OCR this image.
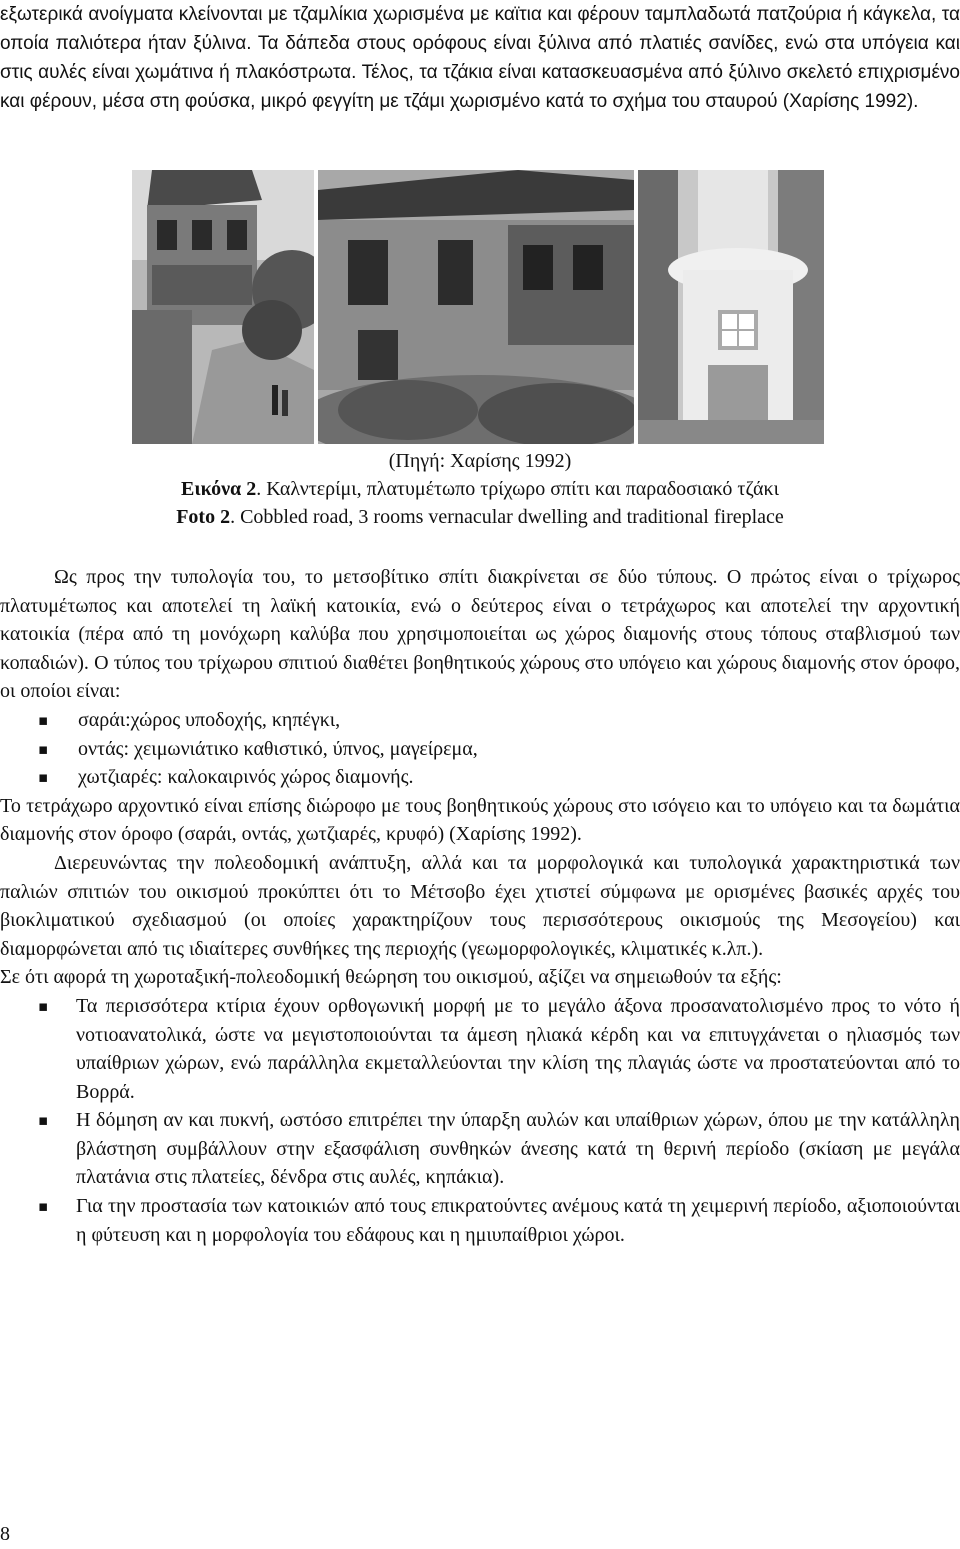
εξωτερικά ανοίγματα κλείνονται με τζαμλίκια χωρισμένα με καϊτια και φέρουν ταμπλαδωτά πατζούρια ή κάγκελα, τα οποία παλιότερα ήταν ξύλινα. Τα δάπεδα στους ορόφους είναι ξύλινα από πλατιές σανίδες, ενώ στα υπόγεια και στις αυλές είναι χωμάτινα ή πλακόστρωτα. Τέλος, τα τζάκια είναι κατασκευασμένα από ξύλινο σκελετό επιχρισμένο και φέρουν, μέσα στη φούσκα, μικρό φεγγίτη με τζάμι χωρισμένο κατά το σχήμα του σταυρού (Χαρίσης 1992).

(Πηγή: Χαρίσης 1992)
Εικόνα 2. Καλντερίμι, πλατυμέτωπο τρίχωρο σπίτι και παραδοσιακό τζάκι
Foto 2. Cobbled road, 3 rooms vernacular dwelling and traditional fireplace

Ως προς την τυπολογία του, το μετσοβίτικο σπίτι διακρίνεται σε δύο τύπους. Ο πρώτος είναι ο τρίχωρος πλατυμέτωπος και αποτελεί τη λαϊκή κατοικία, ενώ ο δεύτερος είναι ο τετράχωρος και αποτελεί την αρχοντική κατοικία (πέρα από τη μονόχωρη καλύβα που χρησιμοποιείται ως χώρος διαμονής στους τόπους σταβλισμού των κοπαδιών). Ο τύπος του τρίχωρου σπιτιού διαθέτει βοηθητικούς χώρους στο υπόγειο και χώρους διαμονής στον όροφο, οι οποίοι είναι:

▪ σαράι:χώρος υποδοχής, κηπέγκι,
▪ οντάς: χειμωνιάτικο καθιστικό, ύπνος, μαγείρεμα,
▪ χωτζιαρές: καλοκαιρινός χώρος διαμονής.

Το τετράχωρο αρχοντικό είναι επίσης διώροφο με τους βοηθητικούς χώρους στο ισόγειο και το υπόγειο και τα δωμάτια διαμονής στον όροφο (σαράι, οντάς, χωτζιαρές, κρυφό) (Χαρίσης 1992).

Διερευνώντας την πολεοδομική ανάπτυξη, αλλά και τα μορφολογικά και τυπολογικά χαρακτηριστικά των παλιών σπιτιών του οικισμού προκύπτει ότι το Μέτσοβο έχει χτιστεί σύμφωνα με ορισμένες βασικές αρχές του βιοκλιματικού σχεδιασμού (οι οποίες χαρακτηρίζουν τους περισσότερους οικισμούς της Μεσογείου) και διαμορφώνεται από τις ιδιαίτερες συνθήκες της περιοχής (γεωμορφολογικές, κλιματικές κ.λπ.).

Σε ότι αφορά τη χωροταξική-πολεοδομική θεώρηση του οικισμού, αξίζει να σημειωθούν τα εξής:

▪ Τα περισσότερα κτίρια έχουν ορθογωνική μορφή με το μεγάλο άξονα προσανατολισμένο προς το νότο ή νοτιοανατολικά, ώστε να μεγιστοποιούνται τα άμεση ηλιακά κέρδη και να επιτυγχάνεται ο ηλιασμός των υπαίθριων χώρων, ενώ παράλληλα εκμεταλλεύονται την κλίση της πλαγιάς ώστε να προστατεύονται από το Βορρά.
▪ Η δόμηση αν και πυκνή, ωστόσο επιτρέπει την ύπαρξη αυλών και υπαίθριων χώρων, όπου με την κατάλληλη βλάστηση συμβάλλουν στην εξασφάλιση συνθηκών άνεσης κατά τη θερινή περίοδο (σκίαση με μεγάλα πλατάνια στις πλατείες, δένδρα στις αυλές, κηπάκια).
▪ Για την προστασία των κατοικιών από τους επικρατούντες ανέμους κατά τη χειμερινή περίοδο, αξιοποιούνται η φύτευση και η μορφολογία του εδάφους και η ημιυπαίθριοι χώροι.
8
